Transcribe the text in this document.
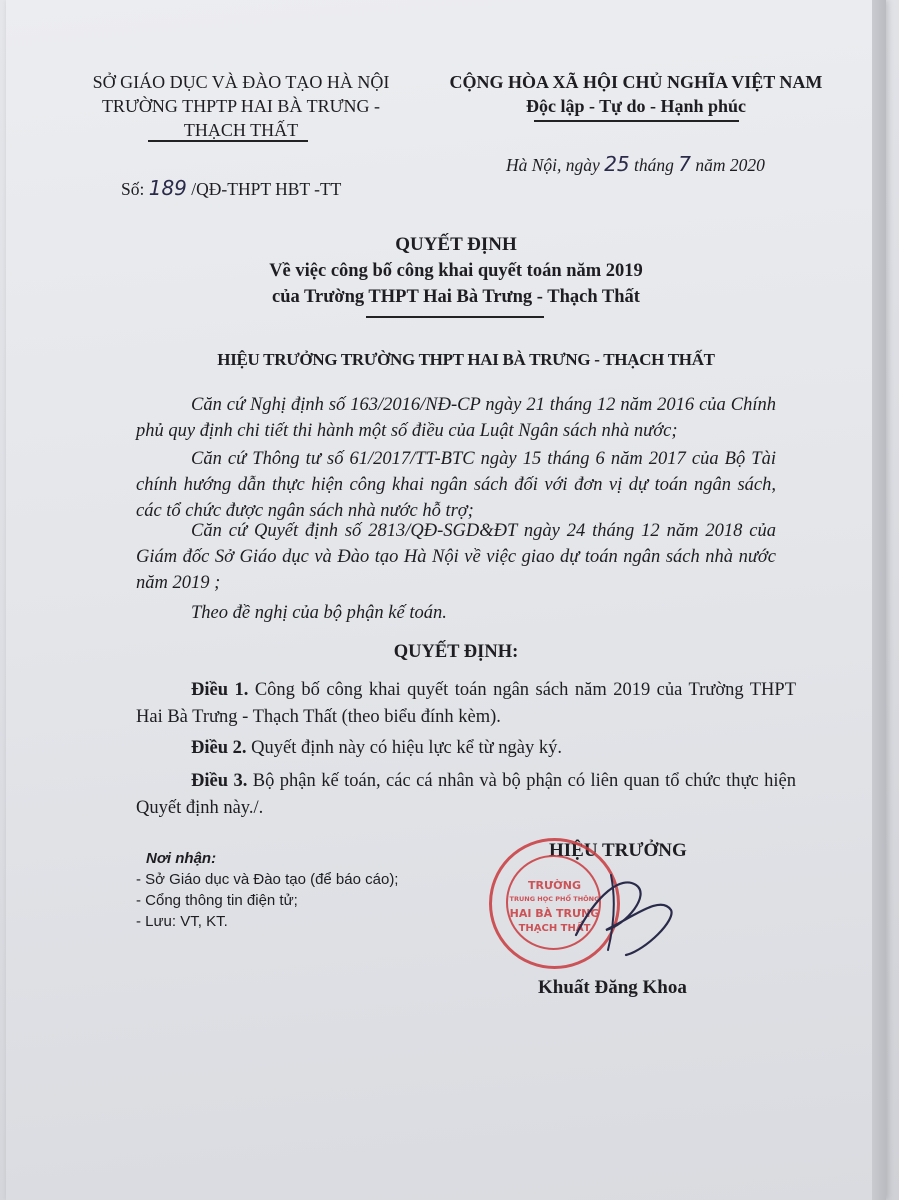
SỞ GIÁO DỤC VÀ ĐÀO TẠO HÀ NỘI
TRƯỜNG THPTP HAI BÀ TRƯNG -
THẠCH THẤT
CỘNG HÒA XÃ HỘI CHỦ NGHĨA VIỆT NAM
Độc lập - Tự do - Hạnh phúc
Hà Nội, ngày 25 tháng 7 năm 2020
Số: 189 /QĐ-THPT HBT -TT
QUYẾT ĐỊNH
Về việc công bố công khai quyết toán năm 2019
của Trường THPT Hai Bà Trưng - Thạch Thất
HIỆU TRƯỞNG TRƯỜNG THPT HAI BÀ TRƯNG - THẠCH THẤT
Căn cứ Nghị định số 163/2016/NĐ-CP ngày 21 tháng 12 năm 2016 của Chính phủ quy định chi tiết thi hành một số điều của Luật Ngân sách nhà nước;
Căn cứ Thông tư số 61/2017/TT-BTC ngày 15 tháng 6 năm 2017 của Bộ Tài chính hướng dẫn thực hiện công khai ngân sách đối với đơn vị dự toán ngân sách, các tổ chức được ngân sách nhà nước hỗ trợ;
Căn cứ Quyết định số 2813/QĐ-SGD&ĐT ngày 24 tháng 12 năm 2018 của Giám đốc Sở Giáo dục và Đào tạo Hà Nội về việc giao dự toán ngân sách nhà nước năm 2019 ;
Theo đề nghị của bộ phận kế toán.
QUYẾT ĐỊNH:
Điều 1. Công bố công khai quyết toán ngân sách năm 2019 của Trường THPT Hai Bà Trưng - Thạch Thất (theo biểu đính kèm).
Điều 2. Quyết định này có hiệu lực kể từ ngày ký.
Điều 3. Bộ phận kế toán, các cá nhân và bộ phận có liên quan tổ chức thực hiện Quyết định này./.
Nơi nhận:
- Sở Giáo dục và Đào tạo (để báo cáo);
- Cổng thông tin điện tử;
- Lưu: VT, KT.
HIỆU TRƯỞNG
TRƯỜNG
TRUNG HỌC PHỔ THÔNG
HAI BÀ TRƯNG
THẠCH THẤT
Khuất Đăng Khoa
